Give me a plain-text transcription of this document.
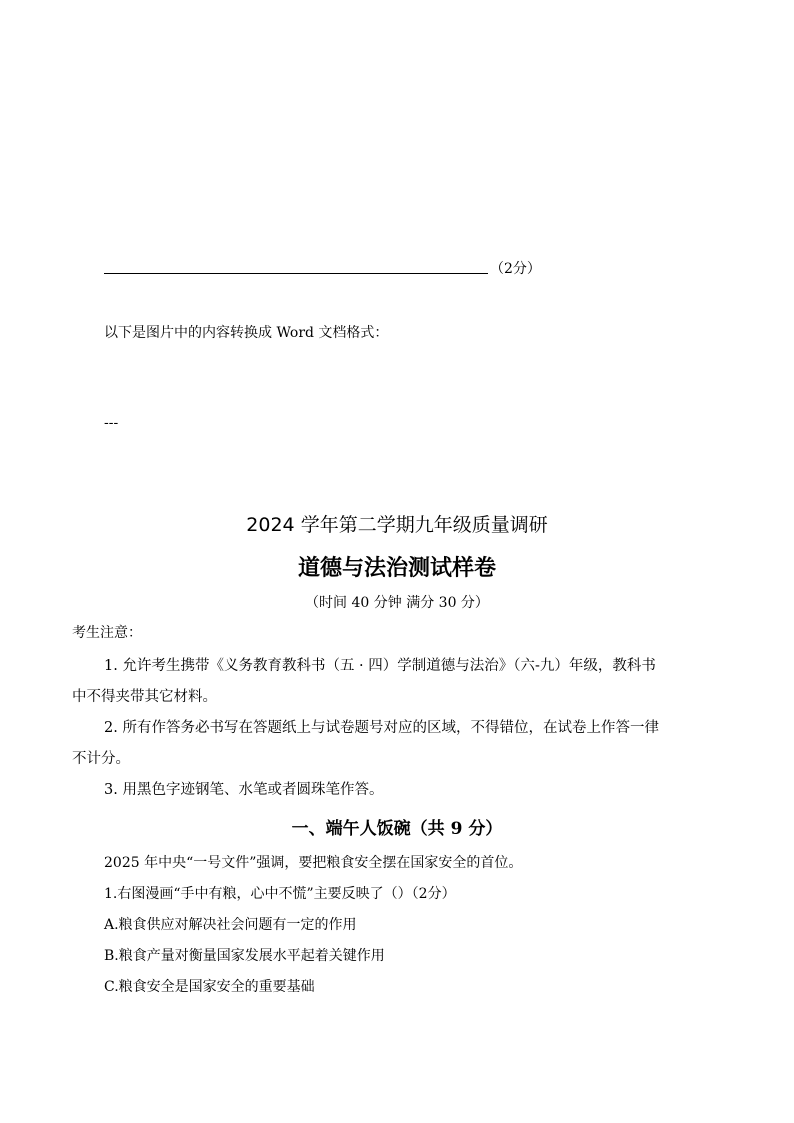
（2分）
以下是图片中的内容转换成 Word 文档格式：
---
2024 学年第二学期九年级质量调研
道德与法治测试样卷
（时间 40 分钟 满分 30 分）
考生注意：
1. 允许考生携带《义务教育教科书（五 · 四）学制道德与法治》（六-九）年级，教科书
中不得夹带其它材料。
2. 所有作答务必书写在答题纸上与试卷题号对应的区域，不得错位，在试卷上作答一律
不计分。
3. 用黑色字迹钢笔、水笔或者圆珠笔作答。
一、端午人饭碗（共 9 分）
2025 年中央“一号文件”强调，要把粮食安全摆在国家安全的首位。
1.右图漫画“手中有粮，心中不慌”主要反映了（）（2分）
A.粮食供应对解决社会问题有一定的作用
B.粮食产量对衡量国家发展水平起着关键作用
C.粮食安全是国家安全的重要基础
